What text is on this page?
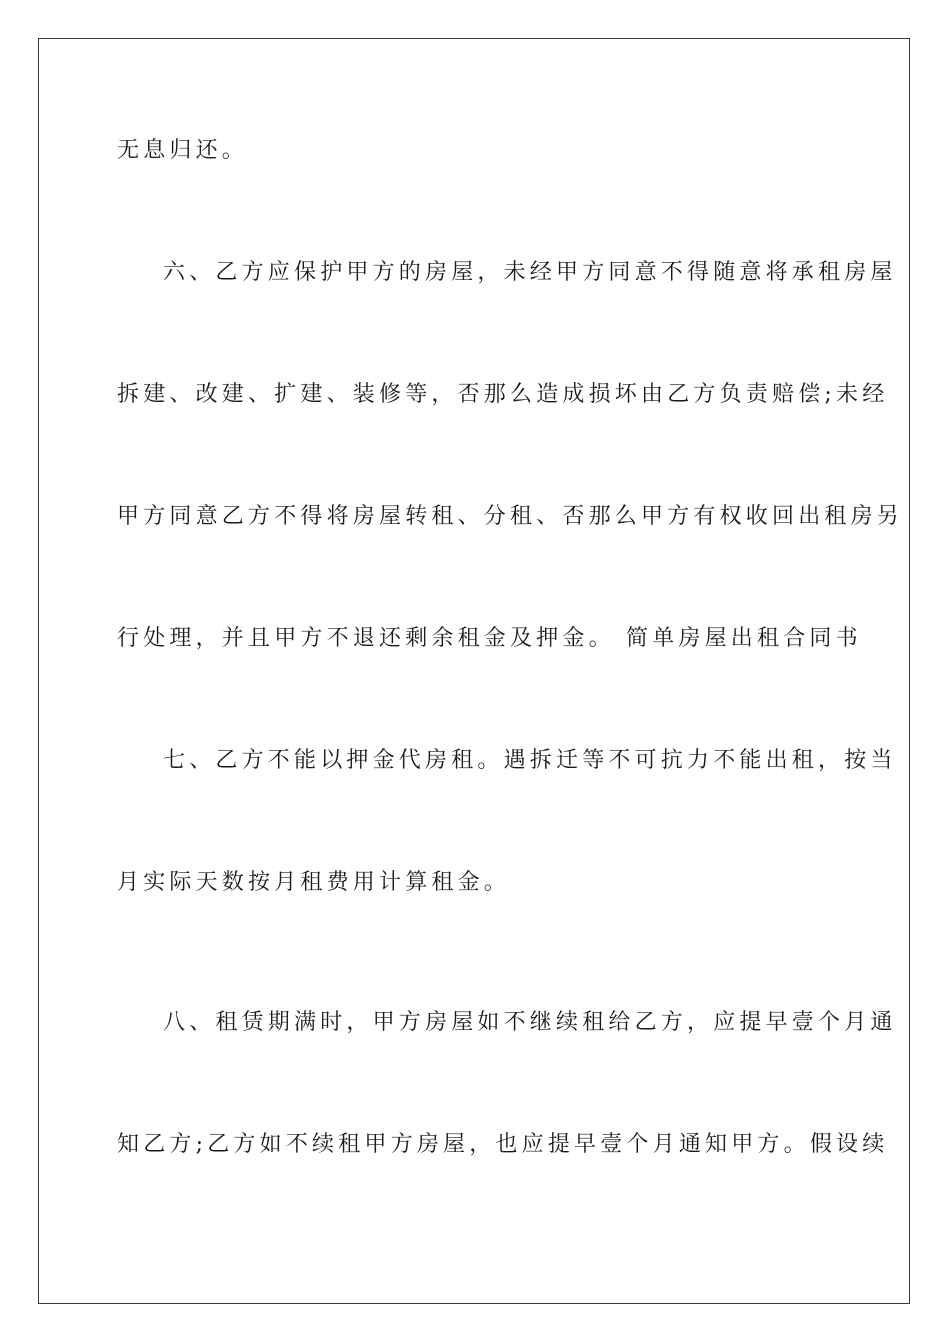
无息归还。
六、乙方应保护甲方的房屋，未经甲方同意不得随意将承租房屋
拆建、改建、扩建、装修等，否那么造成损坏由乙方负责赔偿;未经
甲方同意乙方不得将房屋转租、分租、否那么甲方有权收回出租房另
行处理，并且甲方不退还剩余租金及押金。 简单房屋出租合同书
七、乙方不能以押金代房租。遇拆迁等不可抗力不能出租，按当
月实际天数按月租费用计算租金。
八、租赁期满时，甲方房屋如不继续租给乙方，应提早壹个月通
知乙方;乙方如不续租甲方房屋，也应提早壹个月通知甲方。假设续
